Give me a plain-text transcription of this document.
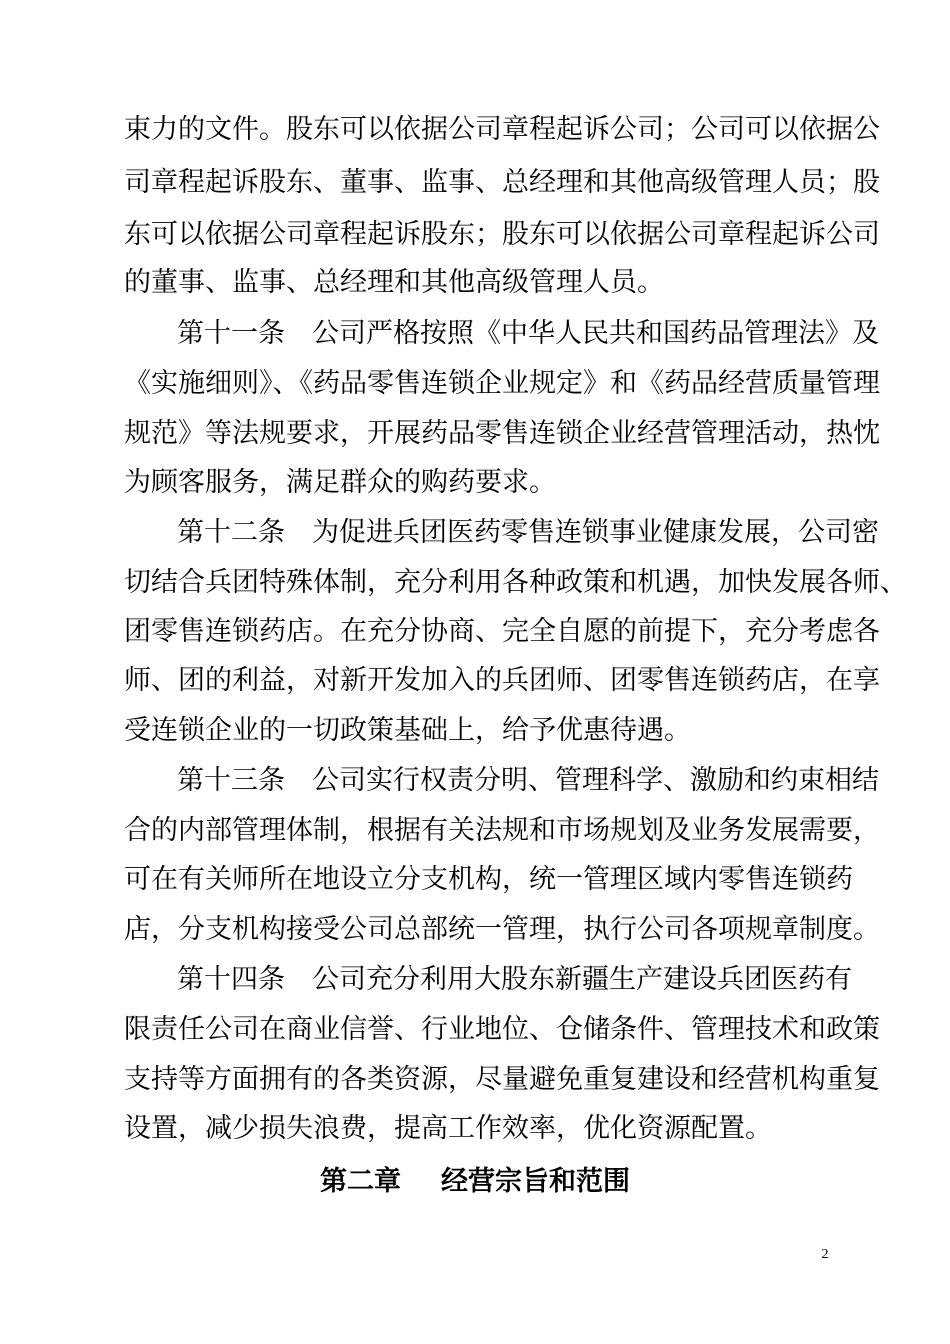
束力的文件。股东可以依据公司章程起诉公司；公司可以依据公
司章程起诉股东、董事、监事、总经理和其他高级管理人员；股
东可以依据公司章程起诉股东；股东可以依据公司章程起诉公司
的董事、监事、总经理和其他高级管理人员。
第十一条　公司严格按照《中华人民共和国药品管理法》及
《实施细则》、《药品零售连锁企业规定》和《药品经营质量管理
规范》等法规要求，开展药品零售连锁企业经营管理活动，热忱
为顾客服务，满足群众的购药要求。
第十二条　为促进兵团医药零售连锁事业健康发展，公司密
切结合兵团特殊体制，充分利用各种政策和机遇，加快发展各师、
团零售连锁药店。在充分协商、完全自愿的前提下，充分考虑各
师、团的利益，对新开发加入的兵团师、团零售连锁药店，在享
受连锁企业的一切政策基础上，给予优惠待遇。
第十三条　公司实行权责分明、管理科学、激励和约束相结
合的内部管理体制，根据有关法规和市场规划及业务发展需要，
可在有关师所在地设立分支机构，统一管理区域内零售连锁药
店，分支机构接受公司总部统一管理，执行公司各项规章制度。
第十四条　公司充分利用大股东新疆生产建设兵团医药有
限责任公司在商业信誉、行业地位、仓储条件、管理技术和政策
支持等方面拥有的各类资源，尽量避免重复建设和经营机构重复
设置，减少损失浪费，提高工作效率，优化资源配置。
第二章 经营宗旨和范围
2
